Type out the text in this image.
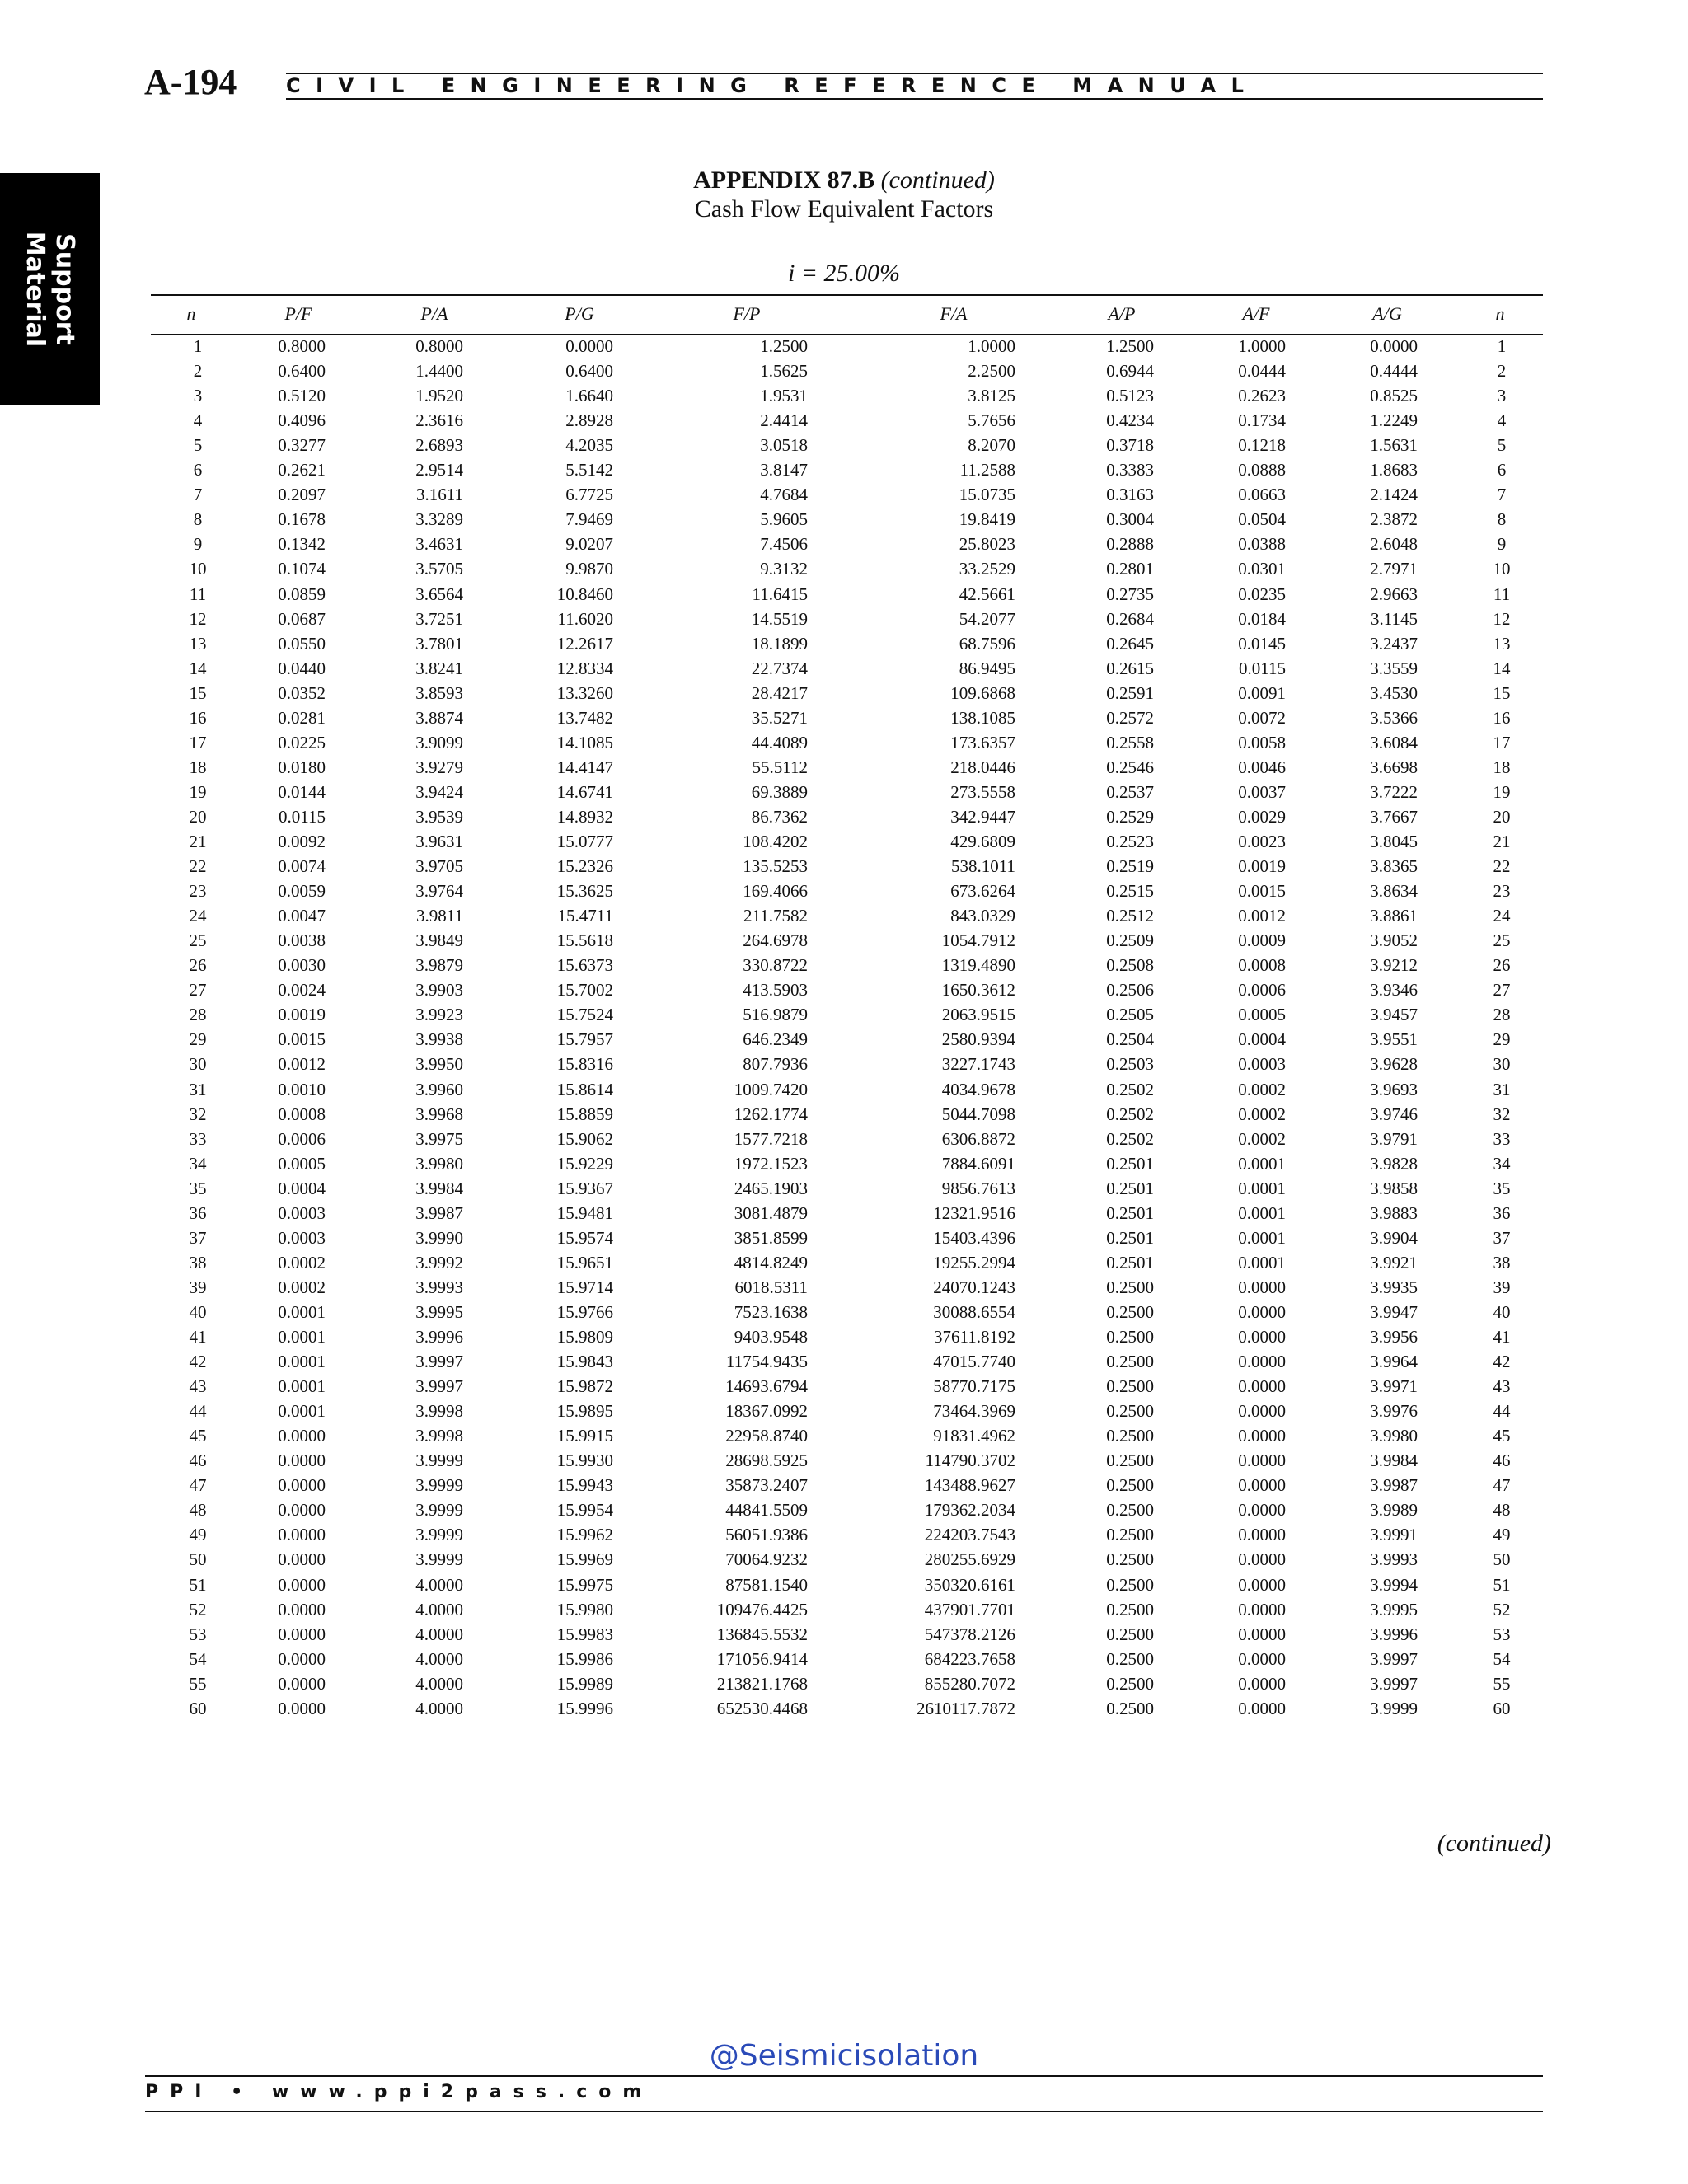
A-194 CIVIL ENGINEERING REFERENCE MANUAL
Support
Material
APPENDIX 87.B (continued)
Cash Flow Equivalent Factors
i = 25.00%
n	P/F	P/A	P/G	F/P	F/A	A/P	A/F	A/G	n
1	0.8000	0.8000	0.0000	1.2500	1.0000	1.2500	1.0000	0.0000	1
2	0.6400	1.4400	0.6400	1.5625	2.2500	0.6944	0.0444	0.4444	2
3	0.5120	1.9520	1.6640	1.9531	3.8125	0.5123	0.2623	0.8525	3
4	0.4096	2.3616	2.8928	2.4414	5.7656	0.4234	0.1734	1.2249	4
5	0.3277	2.6893	4.2035	3.0518	8.2070	0.3718	0.1218	1.5631	5
6	0.2621	2.9514	5.5142	3.8147	11.2588	0.3383	0.0888	1.8683	6
7	0.2097	3.1611	6.7725	4.7684	15.0735	0.3163	0.0663	2.1424	7
8	0.1678	3.3289	7.9469	5.9605	19.8419	0.3004	0.0504	2.3872	8
9	0.1342	3.4631	9.0207	7.4506	25.8023	0.2888	0.0388	2.6048	9
10	0.1074	3.5705	9.9870	9.3132	33.2529	0.2801	0.0301	2.7971	10
11	0.0859	3.6564	10.8460	11.6415	42.5661	0.2735	0.0235	2.9663	11
12	0.0687	3.7251	11.6020	14.5519	54.2077	0.2684	0.0184	3.1145	12
13	0.0550	3.7801	12.2617	18.1899	68.7596	0.2645	0.0145	3.2437	13
14	0.0440	3.8241	12.8334	22.7374	86.9495	0.2615	0.0115	3.3559	14
15	0.0352	3.8593	13.3260	28.4217	109.6868	0.2591	0.0091	3.4530	15
16	0.0281	3.8874	13.7482	35.5271	138.1085	0.2572	0.0072	3.5366	16
17	0.0225	3.9099	14.1085	44.4089	173.6357	0.2558	0.0058	3.6084	17
18	0.0180	3.9279	14.4147	55.5112	218.0446	0.2546	0.0046	3.6698	18
19	0.0144	3.9424	14.6741	69.3889	273.5558	0.2537	0.0037	3.7222	19
20	0.0115	3.9539	14.8932	86.7362	342.9447	0.2529	0.0029	3.7667	20
21	0.0092	3.9631	15.0777	108.4202	429.6809	0.2523	0.0023	3.8045	21
22	0.0074	3.9705	15.2326	135.5253	538.1011	0.2519	0.0019	3.8365	22
23	0.0059	3.9764	15.3625	169.4066	673.6264	0.2515	0.0015	3.8634	23
24	0.0047	3.9811	15.4711	211.7582	843.0329	0.2512	0.0012	3.8861	24
25	0.0038	3.9849	15.5618	264.6978	1054.7912	0.2509	0.0009	3.9052	25
26	0.0030	3.9879	15.6373	330.8722	1319.4890	0.2508	0.0008	3.9212	26
27	0.0024	3.9903	15.7002	413.5903	1650.3612	0.2506	0.0006	3.9346	27
28	0.0019	3.9923	15.7524	516.9879	2063.9515	0.2505	0.0005	3.9457	28
29	0.0015	3.9938	15.7957	646.2349	2580.9394	0.2504	0.0004	3.9551	29
30	0.0012	3.9950	15.8316	807.7936	3227.1743	0.2503	0.0003	3.9628	30
31	0.0010	3.9960	15.8614	1009.7420	4034.9678	0.2502	0.0002	3.9693	31
32	0.0008	3.9968	15.8859	1262.1774	5044.7098	0.2502	0.0002	3.9746	32
33	0.0006	3.9975	15.9062	1577.7218	6306.8872	0.2502	0.0002	3.9791	33
34	0.0005	3.9980	15.9229	1972.1523	7884.6091	0.2501	0.0001	3.9828	34
35	0.0004	3.9984	15.9367	2465.1903	9856.7613	0.2501	0.0001	3.9858	35
36	0.0003	3.9987	15.9481	3081.4879	12321.9516	0.2501	0.0001	3.9883	36
37	0.0003	3.9990	15.9574	3851.8599	15403.4396	0.2501	0.0001	3.9904	37
38	0.0002	3.9992	15.9651	4814.8249	19255.2994	0.2501	0.0001	3.9921	38
39	0.0002	3.9993	15.9714	6018.5311	24070.1243	0.2500	0.0000	3.9935	39
40	0.0001	3.9995	15.9766	7523.1638	30088.6554	0.2500	0.0000	3.9947	40
41	0.0001	3.9996	15.9809	9403.9548	37611.8192	0.2500	0.0000	3.9956	41
42	0.0001	3.9997	15.9843	11754.9435	47015.7740	0.2500	0.0000	3.9964	42
43	0.0001	3.9997	15.9872	14693.6794	58770.7175	0.2500	0.0000	3.9971	43
44	0.0001	3.9998	15.9895	18367.0992	73464.3969	0.2500	0.0000	3.9976	44
45	0.0000	3.9998	15.9915	22958.8740	91831.4962	0.2500	0.0000	3.9980	45
46	0.0000	3.9999	15.9930	28698.5925	114790.3702	0.2500	0.0000	3.9984	46
47	0.0000	3.9999	15.9943	35873.2407	143488.9627	0.2500	0.0000	3.9987	47
48	0.0000	3.9999	15.9954	44841.5509	179362.2034	0.2500	0.0000	3.9989	48
49	0.0000	3.9999	15.9962	56051.9386	224203.7543	0.2500	0.0000	3.9991	49
50	0.0000	3.9999	15.9969	70064.9232	280255.6929	0.2500	0.0000	3.9993	50
51	0.0000	4.0000	15.9975	87581.1540	350320.6161	0.2500	0.0000	3.9994	51
52	0.0000	4.0000	15.9980	109476.4425	437901.7701	0.2500	0.0000	3.9995	52
53	0.0000	4.0000	15.9983	136845.5532	547378.2126	0.2500	0.0000	3.9996	53
54	0.0000	4.0000	15.9986	171056.9414	684223.7658	0.2500	0.0000	3.9997	54
55	0.0000	4.0000	15.9989	213821.1768	855280.7072	0.2500	0.0000	3.9997	55
60	0.0000	4.0000	15.9996	652530.4468	2610117.7872	0.2500	0.0000	3.9999	60
(continued)
@Seismicisolation
PPI • www.ppi2pass.com
